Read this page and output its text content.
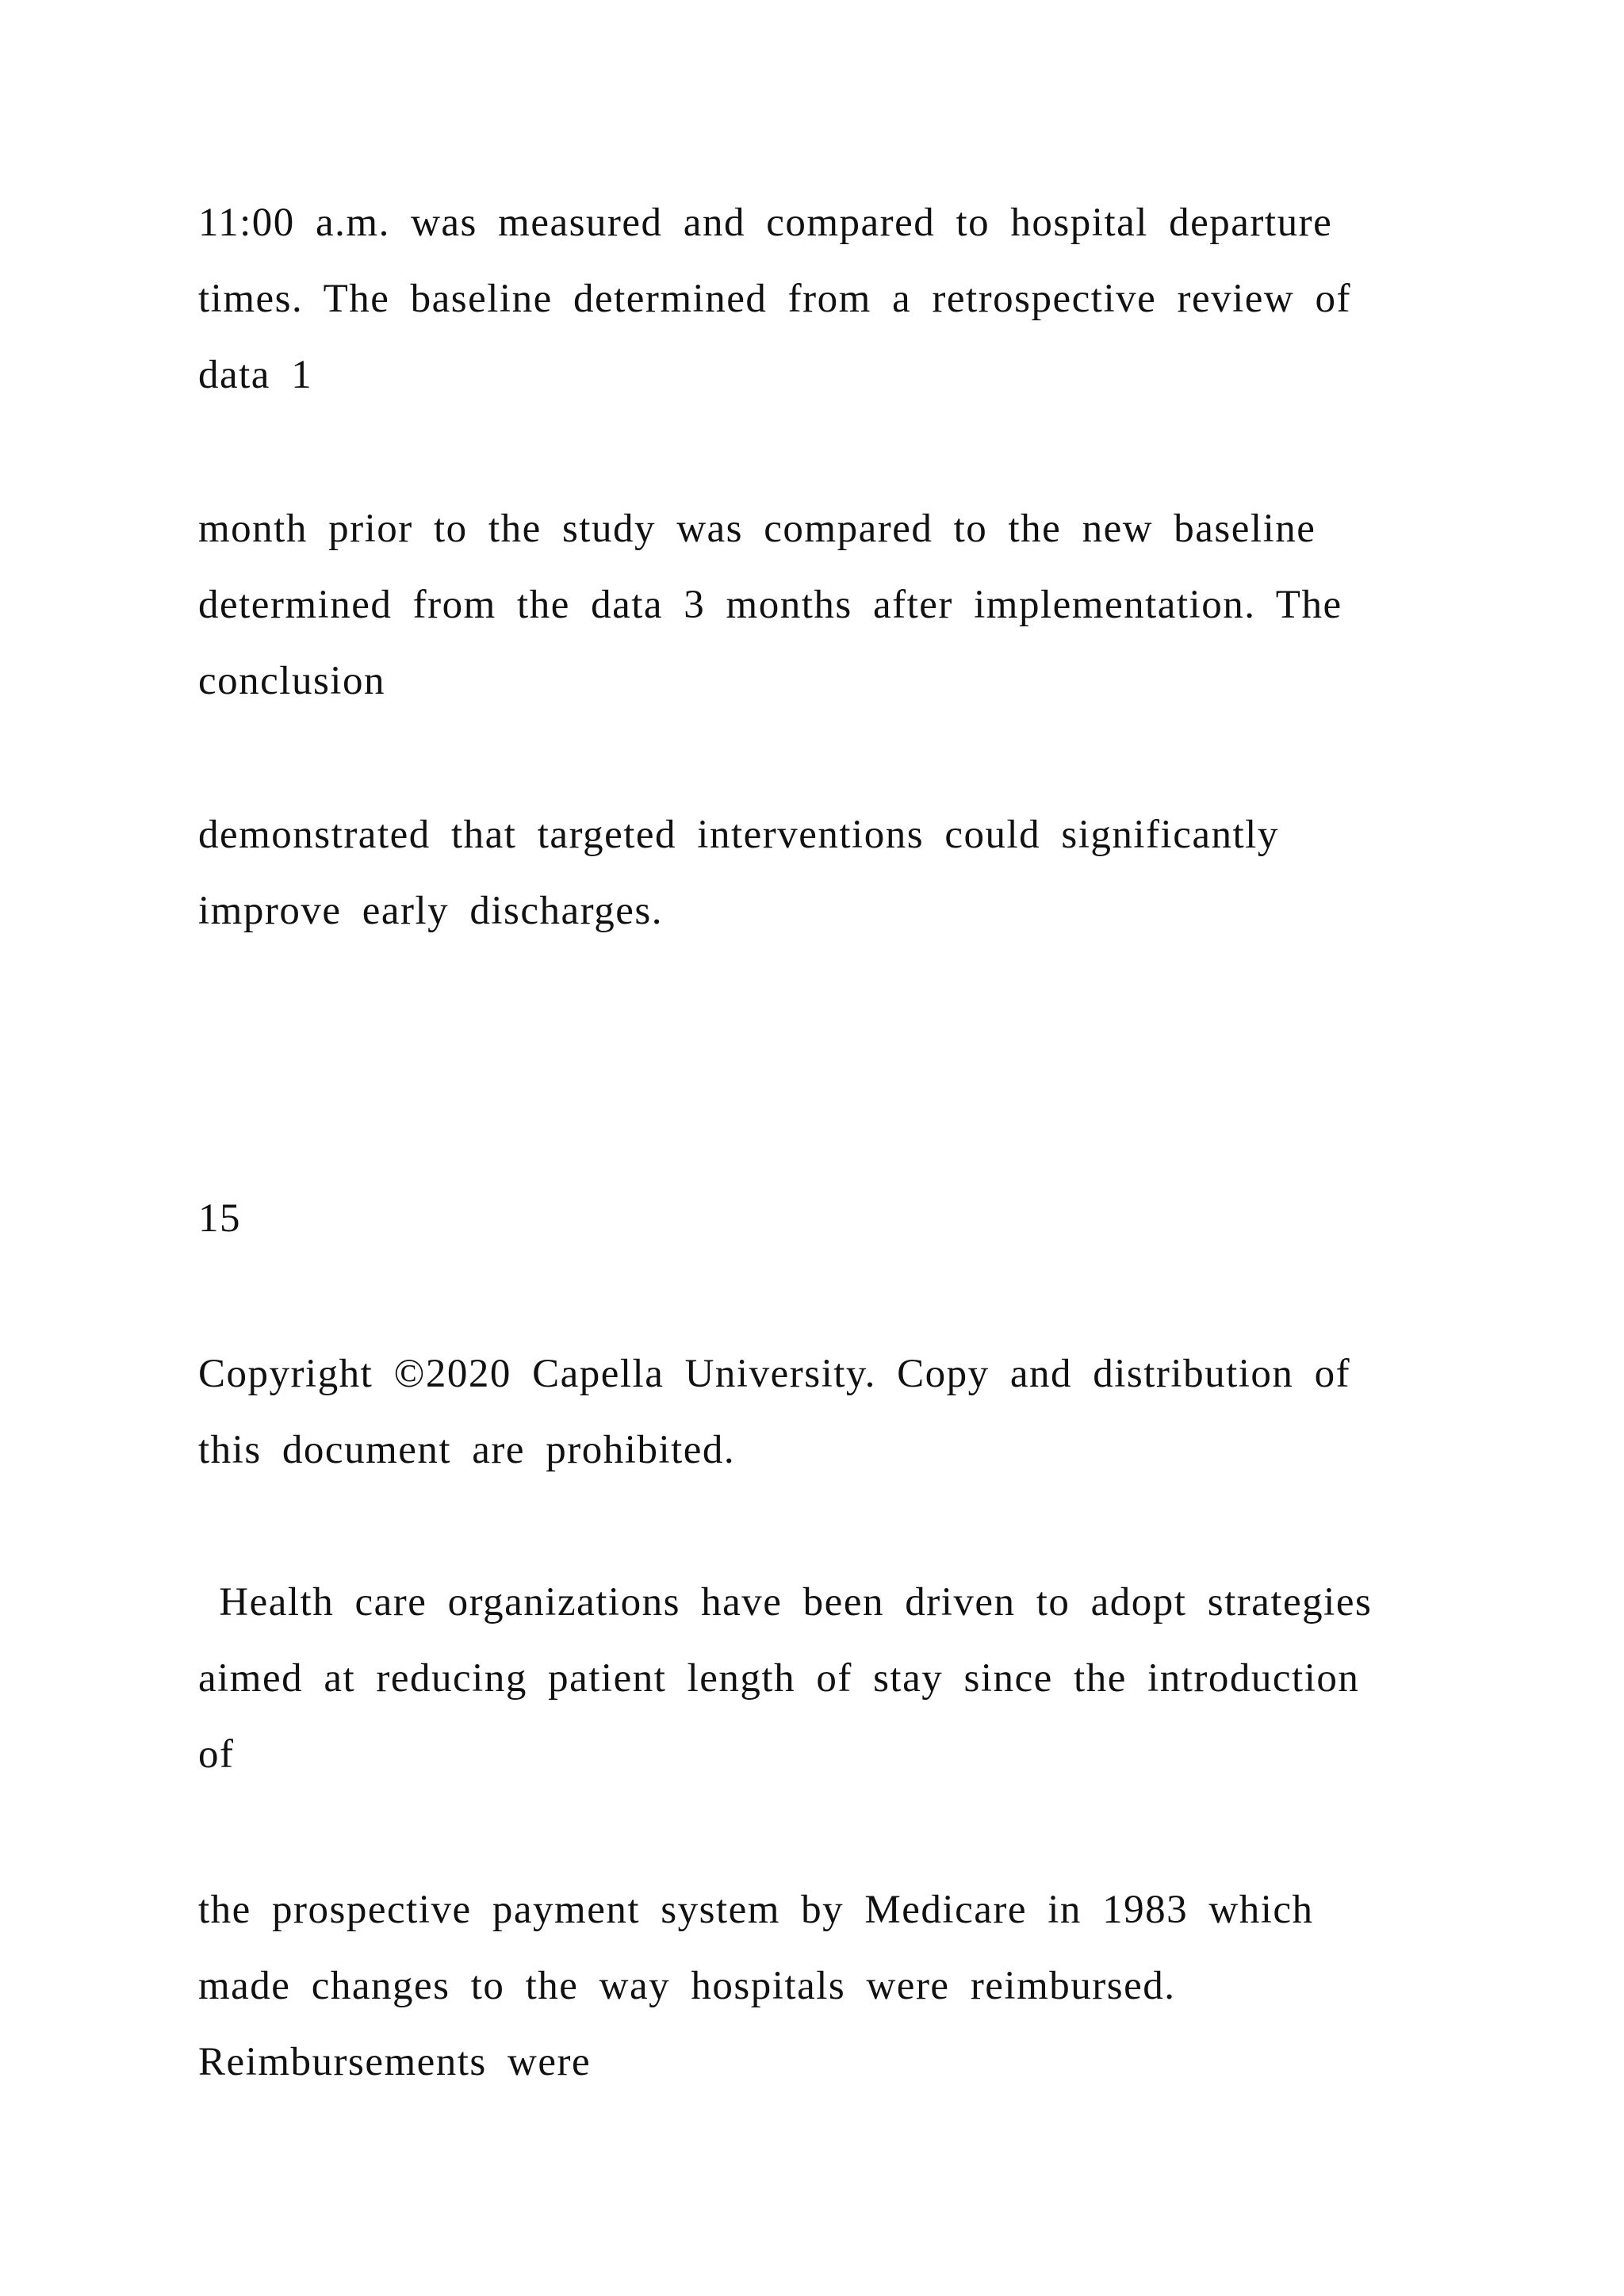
11:00 a.m. was measured and compared to hospital departure
times. The baseline determined from a retrospective review of
data 1
month prior to the study was compared to the new baseline
determined from the data 3 months after implementation. The
conclusion
demonstrated that targeted interventions could significantly
improve early discharges.
15
Copyright ©2020 Capella University. Copy and distribution of
this document are prohibited.
Health care organizations have been driven to adopt strategies
aimed at reducing patient length of stay since the introduction
of
the prospective payment system by Medicare in 1983 which
made changes to the way hospitals were reimbursed.
Reimbursements were
